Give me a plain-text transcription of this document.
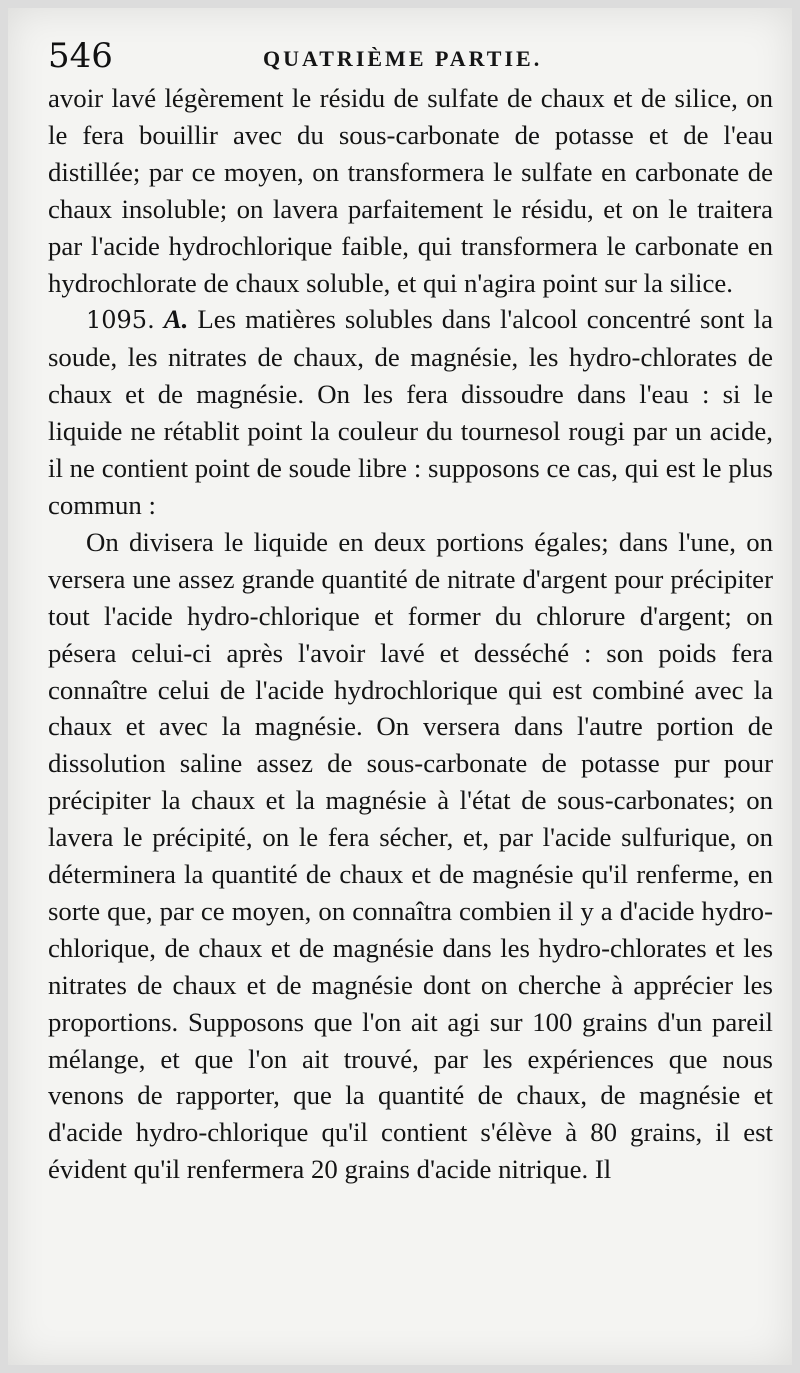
546	QUATRIÈME PARTIE.

avoir lavé légèrement le résidu de sulfate de chaux et de silice, on le fera bouillir avec du sous-carbonate de potasse et de l'eau distillée; par ce moyen, on transformera le sulfate en carbonate de chaux insoluble; on lavera parfaitement le résidu, et on le traitera par l'acide hydrochlorique faible, qui transformera le carbonate en hydrochlorate de chaux soluble, et qui n'agira point sur la silice.

1095. A. Les matières solubles dans l'alcool concentré sont la soude, les nitrates de chaux, de magnésie, les hydro-chlorates de chaux et de magnésie. On les fera dissoudre dans l'eau : si le liquide ne rétablit point la couleur du tournesol rougi par un acide, il ne contient point de soude libre : supposons ce cas, qui est le plus commun :

On divisera le liquide en deux portions égales; dans l'une, on versera une assez grande quantité de nitrate d'argent pour précipiter tout l'acide hydro-chlorique et former du chlorure d'argent; on pésera celui-ci après l'avoir lavé et desséché : son poids fera connaître celui de l'acide hydrochlorique qui est combiné avec la chaux et avec la magnésie. On versera dans l'autre portion de dissolution saline assez de sous-carbonate de potasse pur pour précipiter la chaux et la magnésie à l'état de sous-carbonates; on lavera le précipité, on le fera sécher, et, par l'acide sulfurique, on déterminera la quantité de chaux et de magnésie qu'il renferme, en sorte que, par ce moyen, on connaîtra combien il y a d'acide hydro-chlorique, de chaux et de magnésie dans les hydro-chlorates et les nitrates de chaux et de magnésie dont on cherche à apprécier les proportions. Supposons que l'on ait agi sur 100 grains d'un pareil mélange, et que l'on ait trouvé, par les expériences que nous venons de rapporter, que la quantité de chaux, de magnésie et d'acide hydro-chlorique qu'il contient s'élève à 80 grains, il est évident qu'il renfermera 20 grains d'acide nitrique. Il
